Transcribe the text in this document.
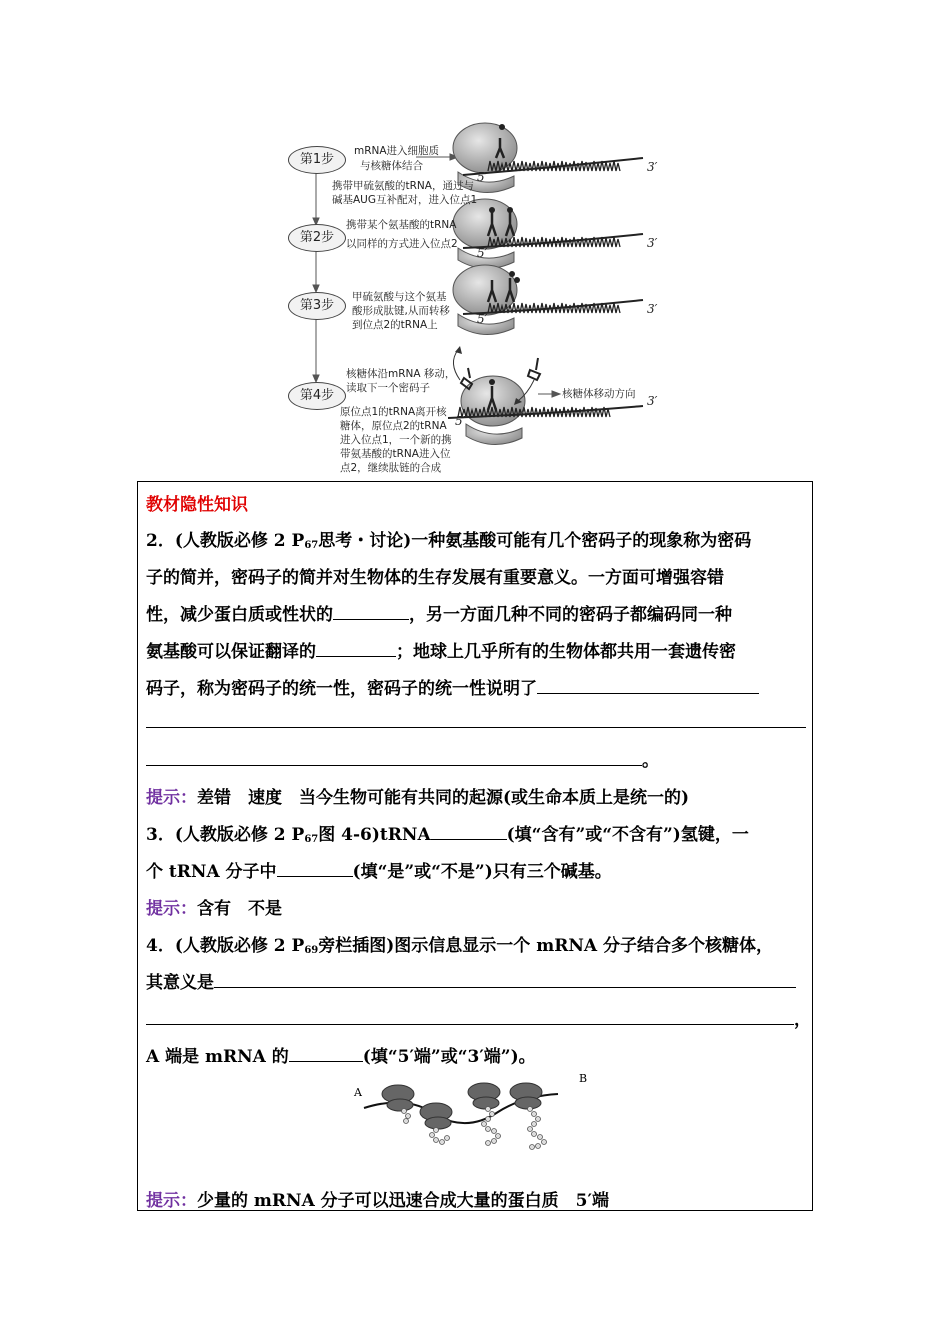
第1步
第2步
第3步
第4步
mRNA进入细胞质
与核糖体结合
携带甲硫氨酸的tRNA，通过与
碱基AUG互补配对，进入位点1
携带某个氨基酸的tRNA
以同样的方式进入位点2
甲硫氨酸与这个氨基
酸形成肽键,从而转移
到位点2的tRNA上
核糖体沿mRNA 移动，
读取下一个密码子
原位点1的tRNA离开核
糖体，原位点2的tRNA
进入位点1，一个新的携
带氨基酸的tRNA进入位
点2，继续肽链的合成
核糖体移动方向
5′
3′
5′
3′
5′
3′
5′
3′
教材隐性知识
2．(人教版必修 2 $P_{67}$思考・讨论)一种氨基酸可能有几个密码子的现象称为密码
子的简并，密码子的简并对生物体的生存发展有重要意义。一方面可增强容错
性，减少蛋白质或性状的	，另一方面几种不同的密码子都编码同一种
氨基酸可以保证翻译的	；地球上几乎所有的生物体都共用一套遗传密
码子，称为密码子的统一性，密码子的统一性说明了
。
提示：差错　速度　当今生物可能有共同的起源(或生命本质上是统一的)
3．(人教版必修 2 $P_{67}$图 4-6)tRNA	(填“含有”或“不含有”)氢键，一
个 tRNA 分子中	(填“是”或“不是”)只有三个碱基。
提示：含有　不是
4．(人教版必修 2 $P_{69}$旁栏插图)图示信息显示一个 mRNA 分子结合多个核糖体，
其意义是
，
A 端是 mRNA 的	(填“5′端”或“3′端”)。
A
B
提示：少量的 mRNA 分子可以迅速合成大量的蛋白质　5′端
